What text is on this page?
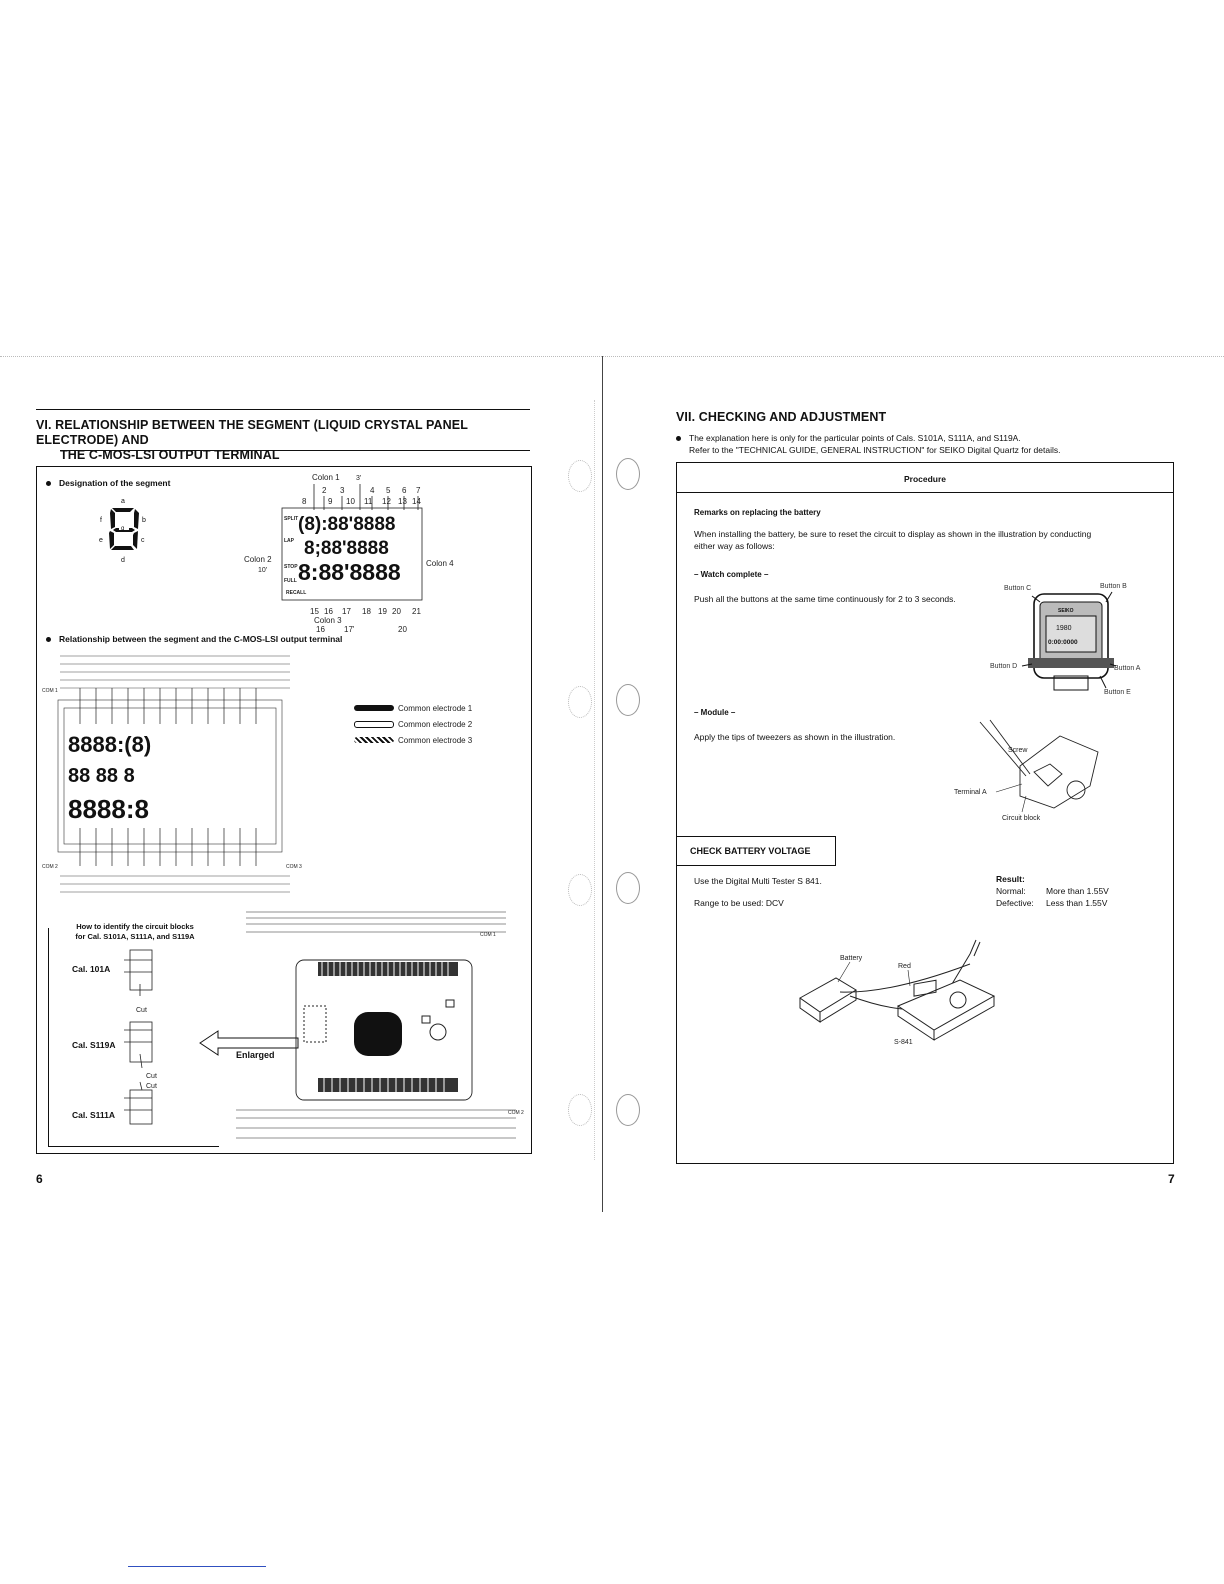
VI. RELATIONSHIP BETWEEN THE SEGMENT (LIQUID CRYSTAL PANEL ELECTRODE) AND
THE C-MOS-LSI OUTPUT TERMINAL
Designation of the segment
g
a
b
c
d
e
f
Colon 1 3'
2 3	4 5 6 7
8	9 10 11 12 13 14
SPLIT
LAP
STOP
FULL
RECALL
(8):88'8888
8;88'8888
8:88'8888
Colon 2
10'
Colon 4
15 16 17 18 19 20 21
Colon 3
16 17'	20
Relationship between the segment and the C-MOS-LSI output terminal
8888:(8)
88 88 8
8888:8
COM 2	COM 3
COM 1
Common electrode 1
Common electrode 2
Common electrode 3
How to identify the circuit blocks
for Cal. S101A, S111A, and S119A
Cal. 101A
Cal. S119A
Cal. S111A
Cut
Cut
Cut
Enlarged
COM 1
COM 2
6
VII. CHECKING AND ADJUSTMENT
The explanation here is only for the particular points of Cals. S101A, S111A, and S119A.
Refer to the "TECHNICAL GUIDE, GENERAL INSTRUCTION" for SEIKO Digital Quartz for details.
Procedure
Remarks on replacing the battery
When installing the battery, be sure to reset the circuit to display as shown in the illustration by conducting
either way as follows:
– Watch complete –
Push all the buttons at the same time continuously for 2 to 3 seconds.
SEIKO
1980
0:00:0000
Button C	Button B
Button D	Button A
Button E
– Module –
Apply the tips of tweezers as shown in the illustration.
Screw
Terminal A
Circuit block
CHECK BATTERY VOLTAGE
Use the Digital Multi Tester S 841.
Range to be used: DCV
Result:
Normal: More than 1.55V
Defective: Less than 1.55V
Battery
Red
S-841
7
